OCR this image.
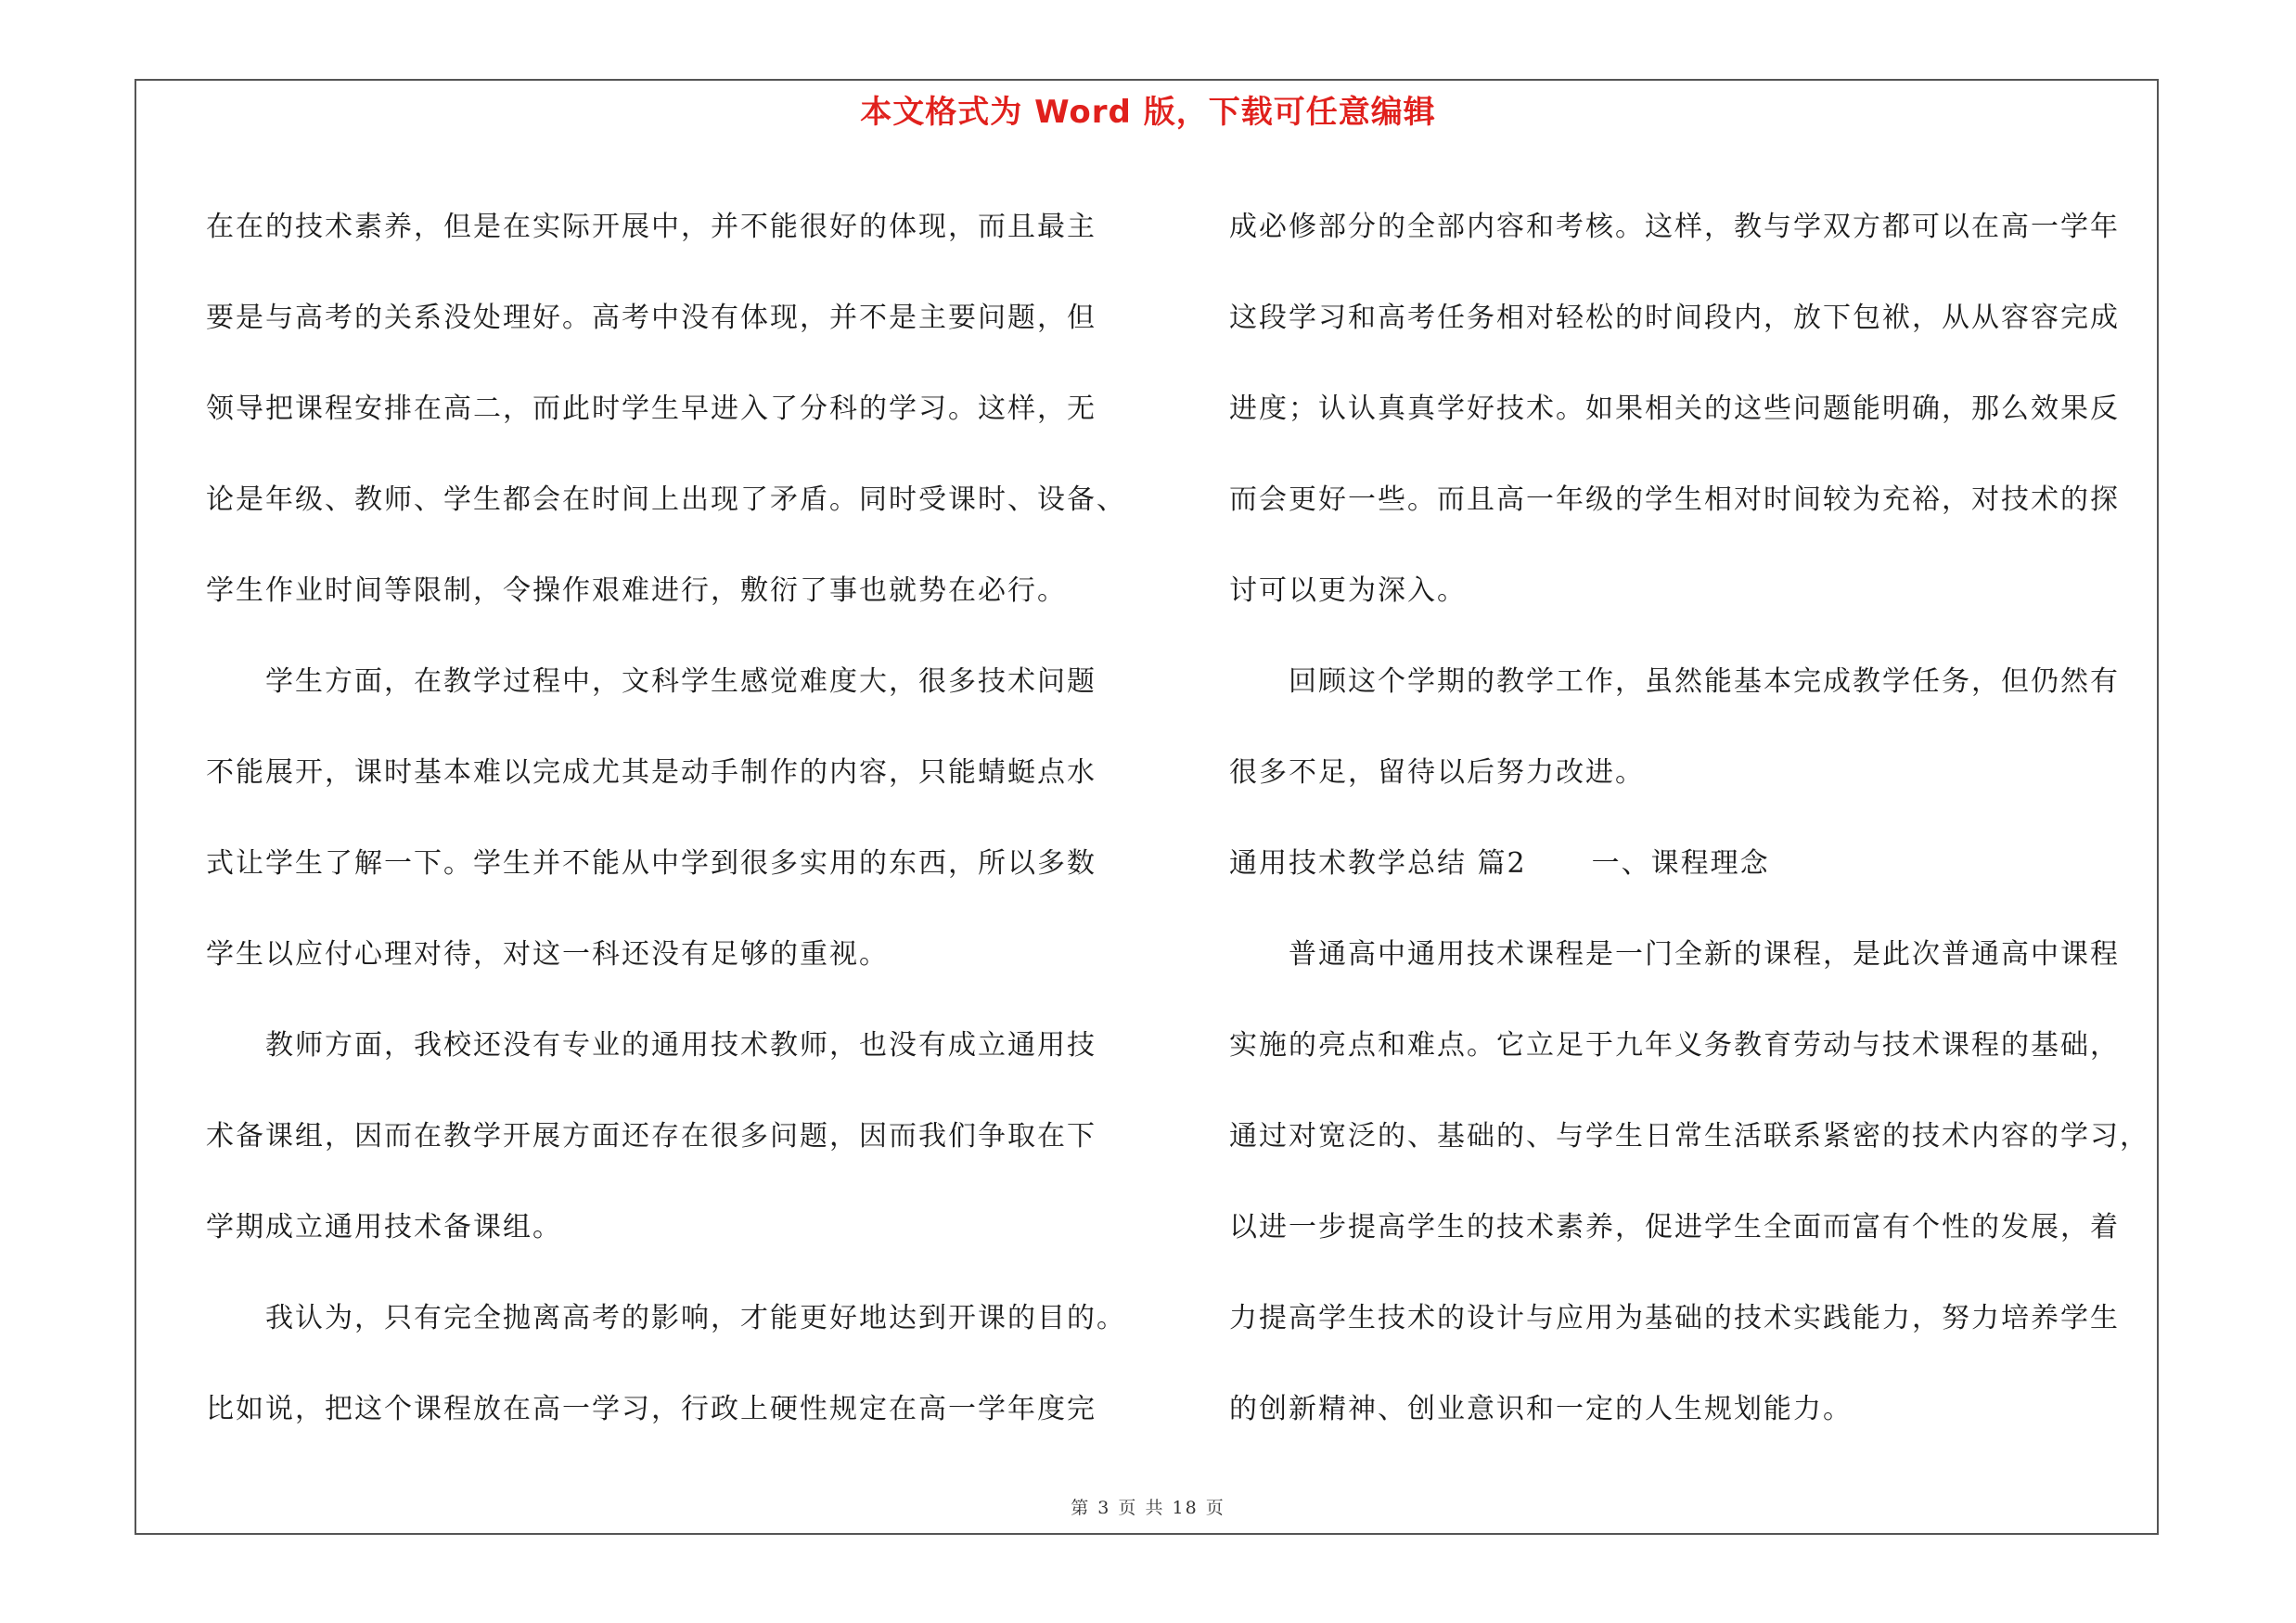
本文格式为 Word 版，下载可任意编辑
在在的技术素养，但是在实际开展中，并不能很好的体现，而且最主
要是与高考的关系没处理好。高考中没有体现，并不是主要问题，但
领导把课程安排在高二，而此时学生早进入了分科的学习。这样，无
论是年级、教师、学生都会在时间上出现了矛盾。同时受课时、设备、
学生作业时间等限制，令操作艰难进行，敷衍了事也就势在必行。
学生方面，在教学过程中，文科学生感觉难度大，很多技术问题
不能展开，课时基本难以完成尤其是动手制作的内容，只能蜻蜓点水
式让学生了解一下。学生并不能从中学到很多实用的东西，所以多数
学生以应付心理对待，对这一科还没有足够的重视。
教师方面，我校还没有专业的通用技术教师，也没有成立通用技
术备课组，因而在教学开展方面还存在很多问题，因而我们争取在下
学期成立通用技术备课组。
我认为，只有完全抛离高考的影响，才能更好地达到开课的目的。
比如说，把这个课程放在高一学习，行政上硬性规定在高一学年度完
成必修部分的全部内容和考核。这样，教与学双方都可以在高一学年
这段学习和高考任务相对轻松的时间段内，放下包袱，从从容容完成
进度；认认真真学好技术。如果相关的这些问题能明确，那么效果反
而会更好一些。而且高一年级的学生相对时间较为充裕，对技术的探
讨可以更为深入。
回顾这个学期的教学工作，虽然能基本完成教学任务，但仍然有
很多不足，留待以后努力改进。
通用技术教学总结 篇2 一、课程理念
普通高中通用技术课程是一门全新的课程，是此次普通高中课程
实施的亮点和难点。它立足于九年义务教育劳动与技术课程的基础，
通过对宽泛的、基础的、与学生日常生活联系紧密的技术内容的学习，
以进一步提高学生的技术素养，促进学生全面而富有个性的发展，着
力提高学生技术的设计与应用为基础的技术实践能力，努力培养学生
的创新精神、创业意识和一定的人生规划能力。
第 3 页 共 18 页
